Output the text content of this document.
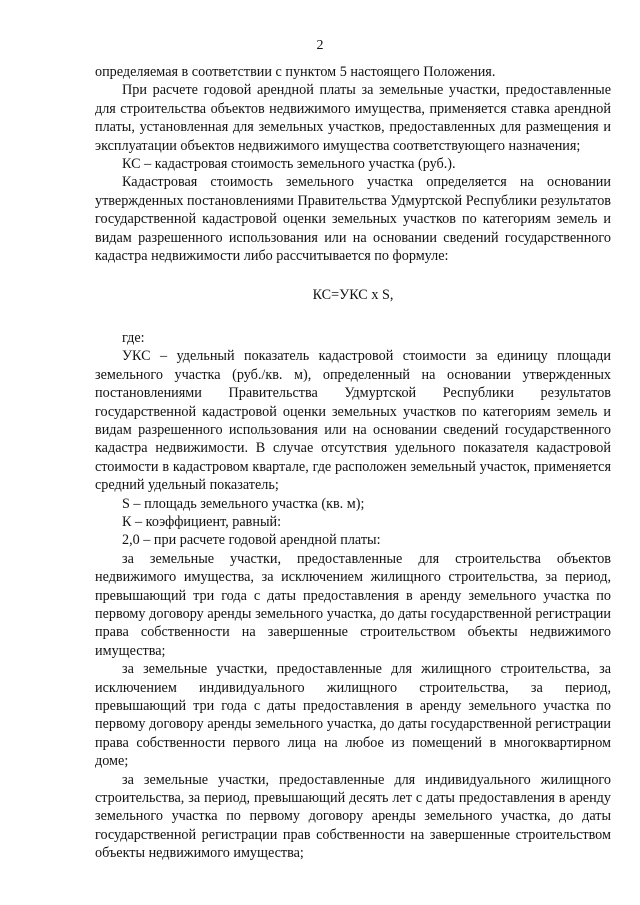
2

определяемая в соответствии с пунктом 5 настоящего Положения.

При расчете годовой арендной платы за земельные участки, предоставленные для строительства объектов недвижимого имущества, применяется ставка арендной платы, установленная для земельных участков, предоставленных для размещения и эксплуатации объектов недвижимого имущества соответствующего назначения;

КС – кадастровая стоимость земельного участка (руб.).

Кадастровая стоимость земельного участка определяется на основании утвержденных постановлениями Правительства Удмуртской Республики результатов государственной кадастровой оценки земельных участков по категориям земель и видам разрешенного использования или на основании сведений государственного кадастра недвижимости либо рассчитывается по формуле:

КС=УКС х S,

где:

УКС – удельный показатель кадастровой стоимости за единицу площади земельного участка (руб./кв. м), определенный на основании утвержденных постановлениями Правительства Удмуртской Республики результатов государственной кадастровой оценки земельных участков по категориям земель и видам разрешенного использования или на основании сведений государственного кадастра недвижимости. В случае отсутствия удельного показателя кадастровой стоимости в кадастровом квартале, где расположен земельный участок, применяется средний удельный показатель;

S – площадь земельного участка (кв. м);

К – коэффициент, равный:

2,0 – при расчете годовой арендной платы:

за земельные участки, предоставленные для строительства объектов недвижимого имущества, за исключением жилищного строительства, за период, превышающий три года с даты предоставления в аренду земельного участка по первому договору аренды земельного участка, до даты государственной регистрации права собственности на завершенные строительством объекты недвижимого имущества;

за земельные участки, предоставленные для жилищного строительства, за исключением индивидуального жилищного строительства, за период, превышающий три года с даты предоставления в аренду земельного участка по первому договору аренды земельного участка, до даты государственной регистрации права собственности первого лица на любое из помещений в многоквартирном доме;

за земельные участки, предоставленные для индивидуального жилищного строительства, за период, превышающий десять лет с даты предоставления в аренду земельного участка по первому договору аренды земельного участка, до даты государственной регистрации прав собственности на завершенные строительством объекты недвижимого имущества;
